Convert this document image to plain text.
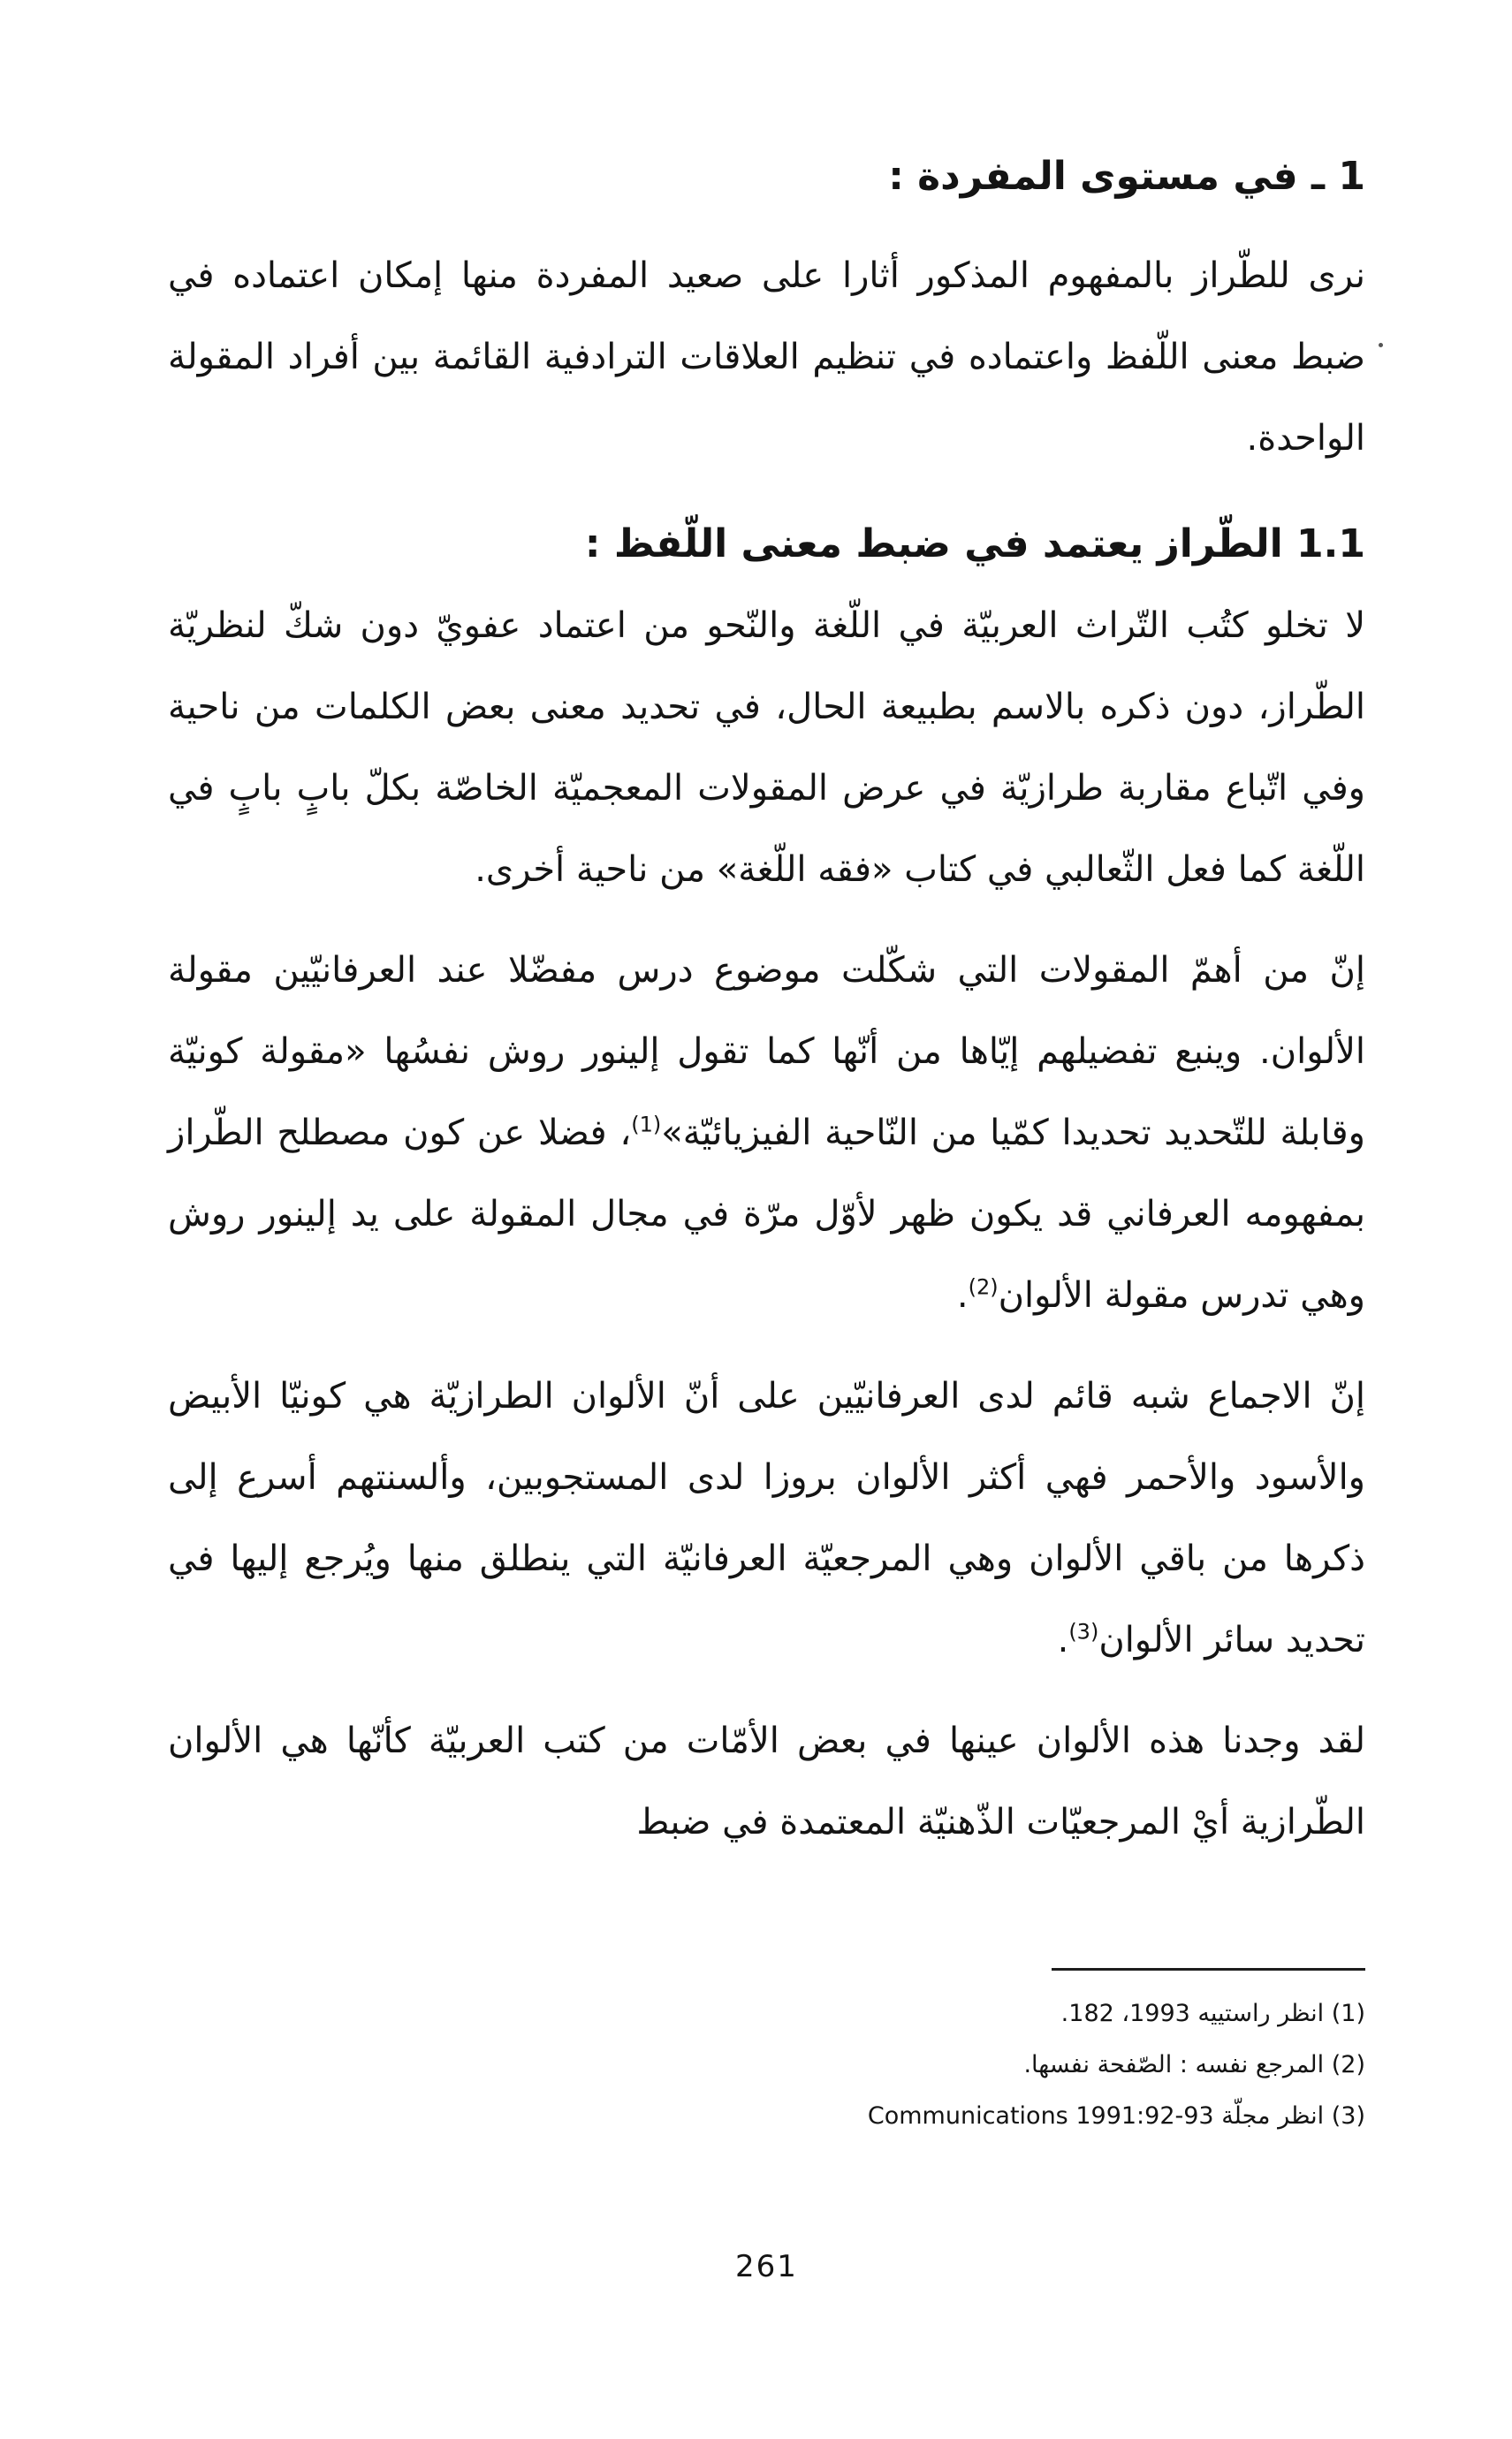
1 ـ في مستوى المفردة :

نرى للطّراز بالمفهوم المذكور أثارا على صعيد المفردة منها إمكان اعتماده في ضبط معنى اللّفظ واعتماده في تنظيم العلاقات الترادفية القائمة بين أفراد المقولة الواحدة.

1.1 الطّراز يعتمد في ضبط معنى اللّفظ :

لا تخلو كتُب التّراث العربيّة في اللّغة والنّحو من اعتماد عفويّ دون شكّ لنظريّة الطّراز، دون ذكره بالاسم بطبيعة الحال، في تحديد معنى بعض الكلمات من ناحية وفي اتّباع مقاربة طرازيّة في عرض المقولات المعجميّة الخاصّة بكلّ بابٍ بابٍ في اللّغة كما فعل الثّعالبي في كتاب «فقه اللّغة» من ناحية أخرى.

إنّ من أهمّ المقولات التي شكّلت موضوع درس مفضّلا عند العرفانيّين مقولة الألوان. وينبع تفضيلهم إيّاها من أنّها كما تقول إلينور روش نفسُها «مقولة كونيّة وقابلة للتّحديد تحديدا كمّيا من النّاحية الفيزيائيّة»$^{(1)}$، فضلا عن كون مصطلح الطّراز بمفهومه العرفاني قد يكون ظهر لأوّل مرّة في مجال المقولة على يد إلينور روش وهي تدرس مقولة الألوان$^{(2)}$.

إنّ الاجماع شبه قائم لدى العرفانيّين على أنّ الألوان الطرازيّة هي كونيّا الأبيض والأسود والأحمر فهي أكثر الألوان بروزا لدى المستجوبين، وألسنتهم أسرع إلى ذكرها من باقي الألوان وهي المرجعيّة العرفانيّة التي ينطلق منها ويُرجع إليها في تحديد سائر الألوان$^{(3)}$.

لقد وجدنا هذه الألوان عينها في بعض الأمّات من كتب العربيّة كأنّها هي الألوان الطّرازية أيْ المرجعيّات الذّهنيّة المعتمدة في ضبط

(1) انظر راستييه 1993، 182.
(2) المرجع نفسه : الصّفحة نفسها.
(3) انظر مجلّة Communications 1991:92-93
261
